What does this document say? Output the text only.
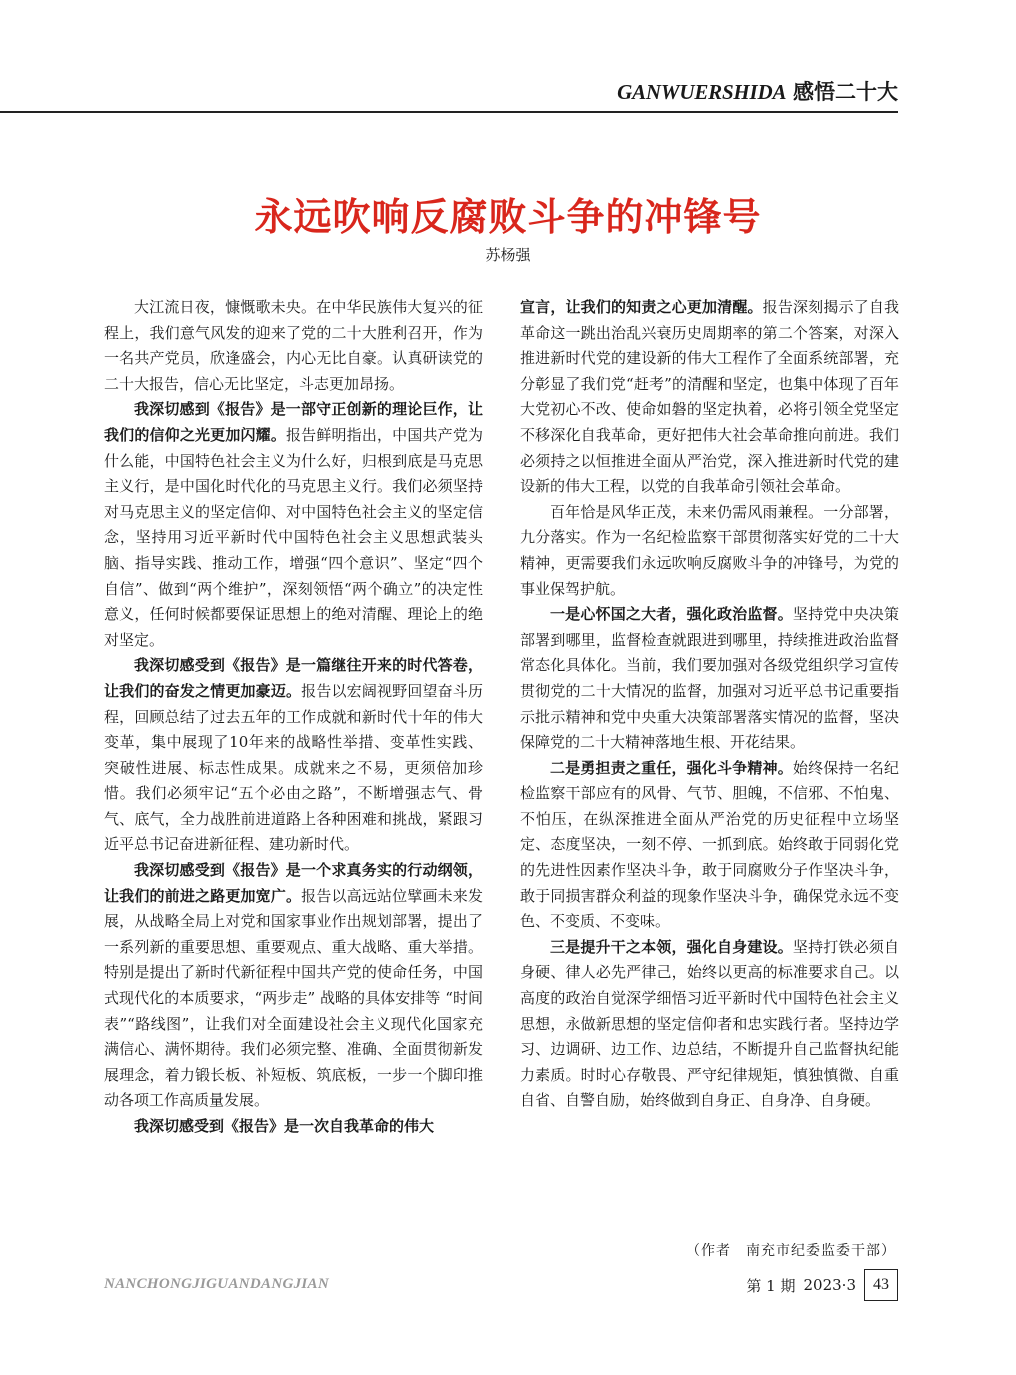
GANWUERSHIDA 感悟二十大
永远吹响反腐败斗争的冲锋号
苏杨强

大江流日夜，慷慨歌未央。在中华民族伟大复兴的征程上，我们意气风发的迎来了党的二十大胜利召开，作为一名共产党员，欣逢盛会，内心无比自豪。认真研读党的二十大报告，信心无比坚定，斗志更加昂扬。

我深切感到《报告》是一部守正创新的理论巨作，让我们的信仰之光更加闪耀。报告鲜明指出，中国共产党为什么能，中国特色社会主义为什么好，归根到底是马克思主义行，是中国化时代化的马克思主义行。我们必须坚持对马克思主义的坚定信仰、对中国特色社会主义的坚定信念，坚持用习近平新时代中国特色社会主义思想武装头脑、指导实践、推动工作，增强“四个意识”、坚定“四个自信”、做到“两个维护”，深刻领悟“两个确立”的决定性意义，任何时候都要保证思想上的绝对清醒、理论上的绝对坚定。

我深切感受到《报告》是一篇继往开来的时代答卷，让我们的奋发之情更加豪迈。报告以宏阔视野回望奋斗历程，回顾总结了过去五年的工作成就和新时代十年的伟大变革，集中展现了10年来的战略性举措、变革性实践、突破性进展、标志性成果。成就来之不易，更须倍加珍惜。我们必须牢记“五个必由之路”，不断增强志气、骨气、底气，全力战胜前进道路上各种困难和挑战，紧跟习近平总书记奋进新征程、建功新时代。

我深切感受到《报告》是一个求真务实的行动纲领，让我们的前进之路更加宽广。报告以高远站位擘画未来发展，从战略全局上对党和国家事业作出规划部署，提出了一系列新的重要思想、重要观点、重大战略、重大举措。特别是提出了新时代新征程中国共产党的使命任务，中国式现代化的本质要求，“两步走” 战略的具体安排等 “时间表”“路线图”，让我们对全面建设社会主义现代化国家充满信心、满怀期待。我们必须完整、准确、全面贯彻新发展理念，着力锻长板、补短板、筑底板，一步一个脚印推动各项工作高质量发展。

我深切感受到《报告》是一次自我革命的伟大

宣言，让我们的知责之心更加清醒。报告深刻揭示了自我革命这一跳出治乱兴衰历史周期率的第二个答案，对深入推进新时代党的建设新的伟大工程作了全面系统部署，充分彰显了我们党“赶考”的清醒和坚定，也集中体现了百年大党初心不改、使命如磐的坚定执着，必将引领全党坚定不移深化自我革命，更好把伟大社会革命推向前进。我们必须持之以恒推进全面从严治党，深入推进新时代党的建设新的伟大工程，以党的自我革命引领社会革命。

百年恰是风华正茂，未来仍需风雨兼程。一分部署，九分落实。作为一名纪检监察干部贯彻落实好党的二十大精神，更需要我们永远吹响反腐败斗争的冲锋号，为党的事业保驾护航。

一是心怀国之大者，强化政治监督。坚持党中央决策部署到哪里，监督检查就跟进到哪里，持续推进政治监督常态化具体化。当前，我们要加强对各级党组织学习宣传贯彻党的二十大情况的监督，加强对习近平总书记重要指示批示精神和党中央重大决策部署落实情况的监督，坚决保障党的二十大精神落地生根、开花结果。

二是勇担责之重任，强化斗争精神。始终保持一名纪检监察干部应有的风骨、气节、胆魄，不信邪、不怕鬼、不怕压，在纵深推进全面从严治党的历史征程中立场坚定、态度坚决，一刻不停、一抓到底。始终敢于同弱化党的先进性因素作坚决斗争，敢于同腐败分子作坚决斗争，敢于同损害群众利益的现象作坚决斗争，确保党永远不变色、不变质、不变味。

三是提升干之本领，强化自身建设。坚持打铁必须自身硬、律人必先严律己，始终以更高的标准要求自己。以高度的政治自觉深学细悟习近平新时代中国特色社会主义思想，永做新思想的坚定信仰者和忠实践行者。坚持边学习、边调研、边工作、边总结，不断提升自己监督执纪能力素质。时时心存敬畏、严守纪律规矩，慎独慎微、自重自省、自警自励，始终做到自身正、自身净、自身硬。

（作者　南充市纪委监委干部）
NANCHONGJIGUANDANGJIAN	第 1 期 2023·3	43
